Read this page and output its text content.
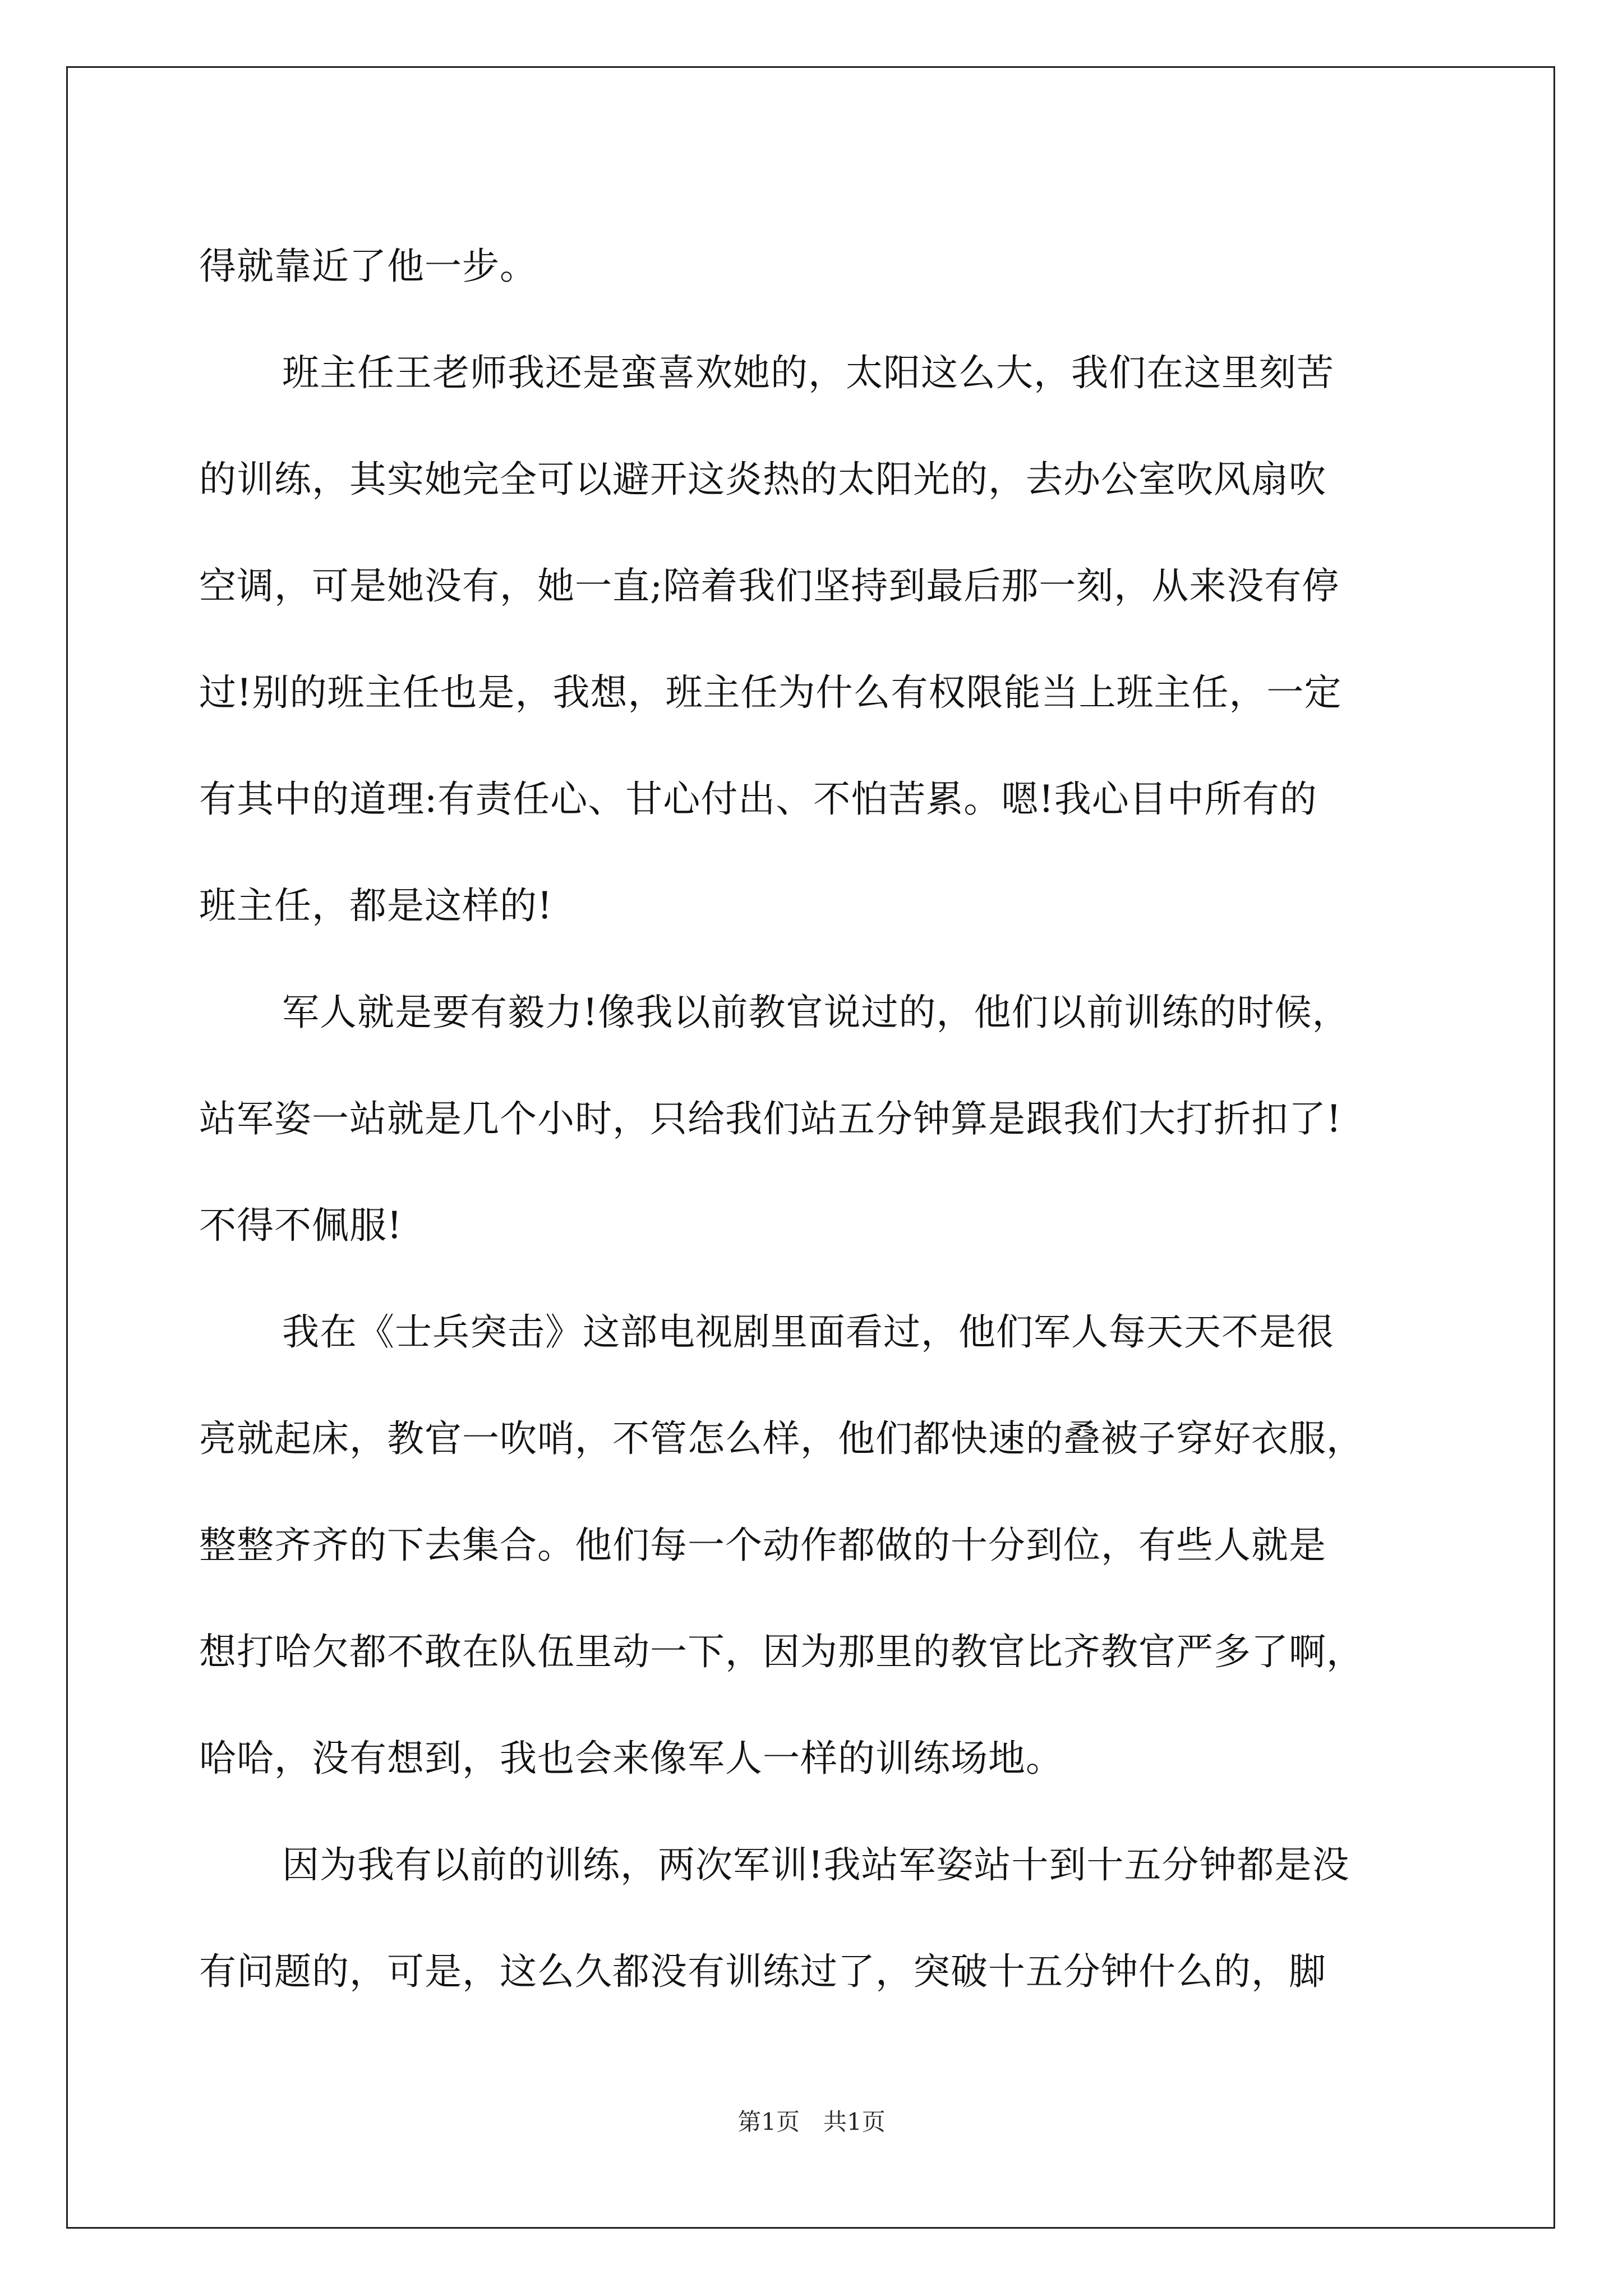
得就靠近了他一步。
班主任王老师我还是蛮喜欢她的，太阳这么大，我们在这里刻苦
的训练，其实她完全可以避开这炎热的太阳光的，去办公室吹风扇吹
空调，可是她没有，她一直;陪着我们坚持到最后那一刻，从来没有停
过!别的班主任也是，我想，班主任为什么有权限能当上班主任，一定
有其中的道理:有责任心、甘心付出、不怕苦累。嗯!我心目中所有的
班主任，都是这样的!
军人就是要有毅力!像我以前教官说过的，他们以前训练的时候，
站军姿一站就是几个小时，只给我们站五分钟算是跟我们大打折扣了!
不得不佩服!
我在《士兵突击》这部电视剧里面看过，他们军人每天天不是很
亮就起床，教官一吹哨，不管怎么样，他们都快速的叠被子穿好衣服，
整整齐齐的下去集合。他们每一个动作都做的十分到位，有些人就是
想打哈欠都不敢在队伍里动一下，因为那里的教官比齐教官严多了啊，
哈哈，没有想到，我也会来像军人一样的训练场地。
因为我有以前的训练，两次军训!我站军姿站十到十五分钟都是没
有问题的，可是，这么久都没有训练过了，突破十五分钟什么的，脚
第1页　共1页
